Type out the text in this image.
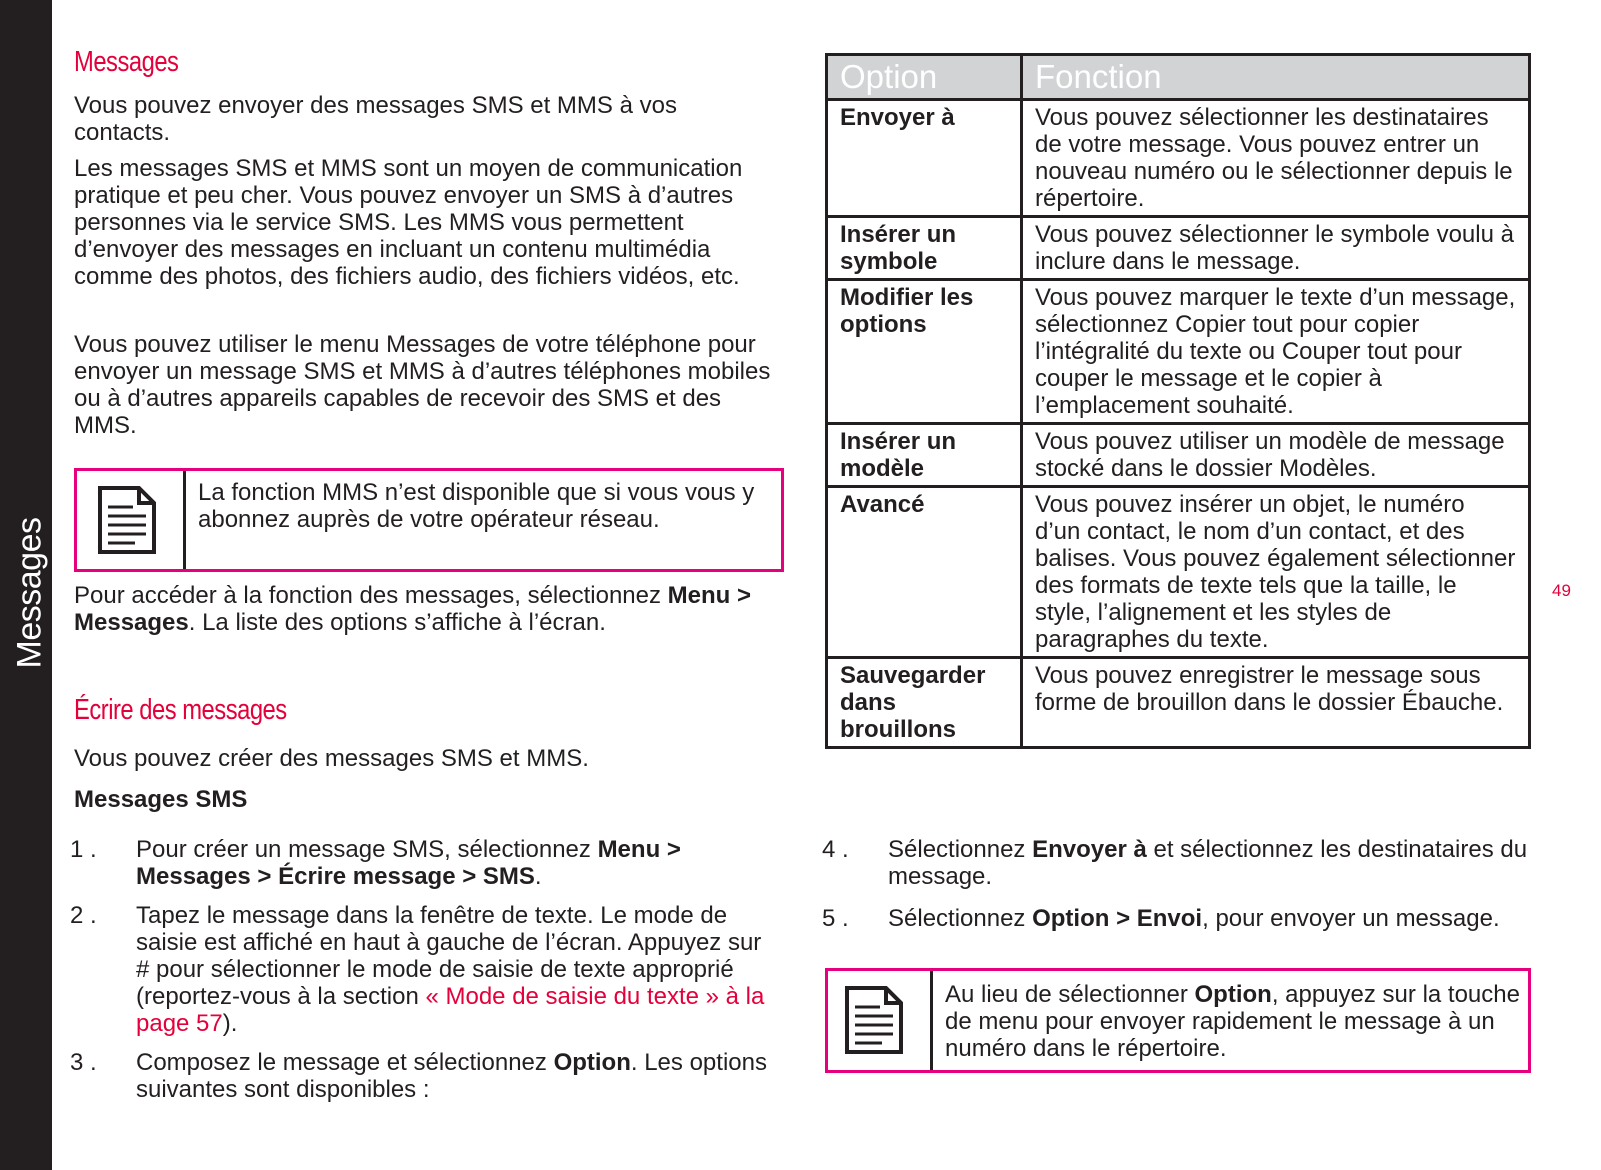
Messages	49
Messages

Vous pouvez envoyer des messages SMS et MMS à vos contacts.

Les messages SMS et MMS sont un moyen de communication pratique et peu cher. Vous pouvez envoyer un SMS à d’autres personnes via le service SMS. Les MMS vous permettent d’envoyer des messages en incluant un contenu multimédia comme des photos, des fichiers audio, des fichiers vidéos, etc.

Vous pouvez utiliser le menu Messages de votre téléphone pour envoyer un message SMS et MMS à d’autres téléphones mobiles ou à d’autres appareils capables de recevoir des SMS et des MMS.

La fonction MMS n’est disponible que si vous vous y abonnez auprès de votre opérateur réseau.

Pour accéder à la fonction des messages, sélectionnez Menu > Messages. La liste des options s’affiche à l’écran.

Écrire des messages

Vous pouvez créer des messages SMS et MMS.

Messages SMS

1 . Pour créer un message SMS, sélectionnez Menu > Messages > Écrire message > SMS.

2 . Tapez le message dans la fenêtre de texte. Le mode de saisie est affiché en haut à gauche de l’écran. Appuyez sur # pour sélectionner le mode de saisie de texte approprié (reportez-vous à la section « Mode de saisie du texte » à la page 57).

3 . Composez le message et sélectionnez Option. Les options suivantes sont disponibles :

Option	Fonction
Envoyer à	Vous pouvez sélectionner les destinataires de votre message. Vous pouvez entrer un nouveau numéro ou le sélectionner depuis le répertoire.
Insérer un symbole	Vous pouvez sélectionner le symbole voulu à inclure dans le message.
Modifier les options	Vous pouvez marquer le texte d’un message, sélectionnez Copier tout pour copier l’intégralité du texte ou Couper tout pour couper le message et le copier à l’emplacement souhaité.
Insérer un modèle	Vous pouvez utiliser un modèle de message stocké dans le dossier Modèles.
Avancé	Vous pouvez insérer un objet, le numéro d’un contact, le nom d’un contact, et des balises. Vous pouvez également sélectionner des formats de texte tels que la taille, le style, l’alignement et les styles de paragraphes du texte.
Sauvegarder dans brouillons	Vous pouvez enregistrer le message sous forme de brouillon dans le dossier Ébauche.
4 . Sélectionnez Envoyer à et sélectionnez les destinataires du message.

5 . Sélectionnez Option > Envoi, pour envoyer un message.

Au lieu de sélectionner Option, appuyez sur la touche de menu pour envoyer rapidement le message à un numéro dans le répertoire.
